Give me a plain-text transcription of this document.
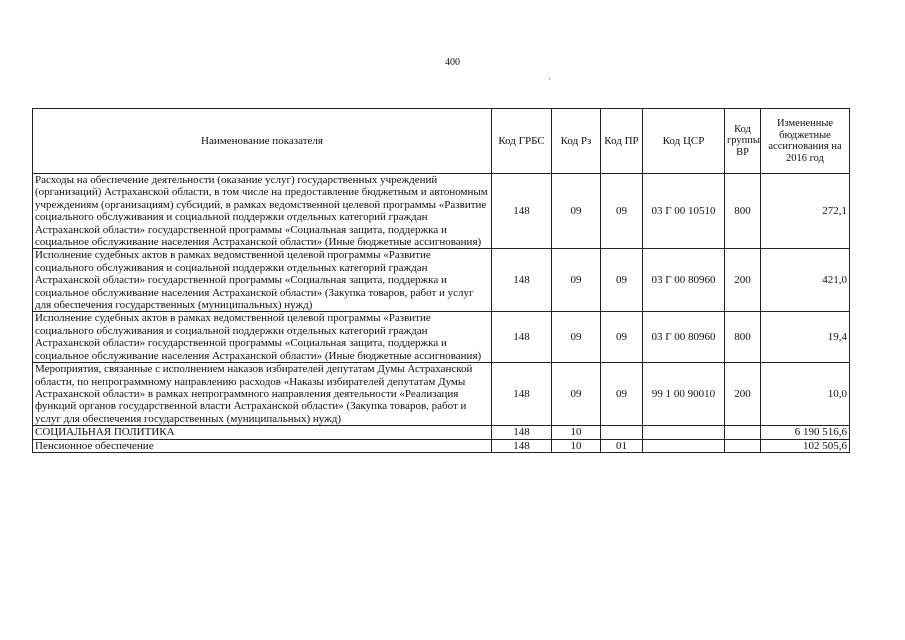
400
·
Наименование показателя	Код ГРБС	Код Рз	Код ПР	Код ЦСР	Код группы ВР	Измененные бюджетные ассигнования на 2016 год
Расходы на обеспечение деятельности (оказание услуг) государственных учреждений (организаций) Астраханской области, в том числе на предоставление бюджетным и автономным учреждениям (организациям) субсидий, в рамках ведомственной целевой программы «Развитие социального обслуживания и социальной поддержки отдельных категорий граждан Астраханской области» государственной программы «Социальная защита, поддержка и социальное обслуживание населения Астраханской области» (Иные бюджетные ассигнования)	148	09	09	03 Г 00 10510	800	272,1
Исполнение судебных актов в рамках ведомственной целевой программы «Развитие социального обслуживания и социальной поддержки отдельных категорий граждан Астраханской области» государственной программы «Социальная защита, поддержка и социальное обслуживание населения Астраханской области» (Закупка товаров, работ и услуг для обеспечения государственных (муниципальных) нужд)	148	09	09	03 Г 00 80960	200	421,0
Исполнение судебных актов в рамках ведомственной целевой программы «Развитие социального обслуживания и социальной поддержки отдельных категорий граждан Астраханской области» государственной программы «Социальная защита, поддержка и социальное обслуживание населения Астраханской области» (Иные бюджетные ассигнования)	148	09	09	03 Г 00 80960	800	19,4
Мероприятия, связанные с исполнением наказов избирателей депутатам Думы Астраханской области, по непрограммному направлению расходов «Наказы избирателей депутатам Думы Астраханской области» в рамках непрограммного направления деятельности «Реализация функций органов государственной власти Астраханской области» (Закупка товаров, работ и услуг для обеспечения государственных (муниципальных) нужд)	148	09	09	99 1 00 90010	200	10,0
СОЦИАЛЬНАЯ ПОЛИТИКА	148	10				6 190 516,6
Пенсионное обеспечение	148	10	01			102 505,6
